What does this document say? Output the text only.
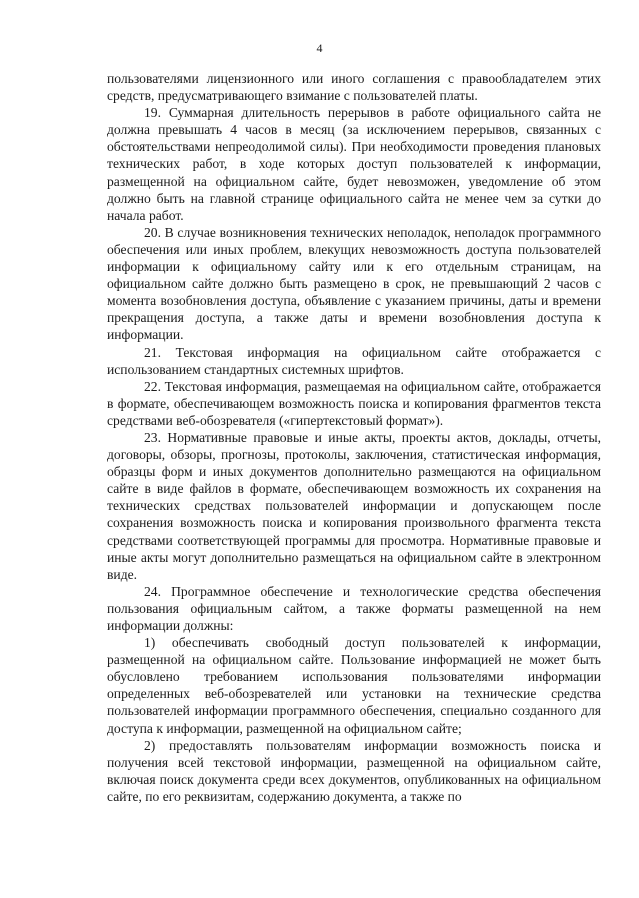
4

пользователями лицензионного или иного соглашения с правообладателем этих средств, предусматривающего взимание с пользователей платы.

19. Суммарная длительность перерывов в работе официального сайта не должна превышать 4 часов в месяц (за исключением перерывов, связанных с обстоятельствами непреодолимой силы). При необходимости проведения плановых технических работ, в ходе которых доступ пользователей к информации, размещенной на официальном сайте, будет невозможен, уведомление об этом должно быть на главной странице официального сайта не менее чем за сутки до начала работ.

20. В случае возникновения технических неполадок, неполадок программного обеспечения или иных проблем, влекущих невозможность доступа пользователей информации к официальному сайту или к его отдельным страницам, на официальном сайте должно быть размещено в срок, не превышающий 2 часов с момента возобновления доступа, объявление с указанием причины, даты и времени прекращения доступа, а также даты и времени возобновления доступа к информации.

21. Текстовая информация на официальном сайте отображается с использованием стандартных системных шрифтов.

22. Текстовая информация, размещаемая на официальном сайте, отображается в формате, обеспечивающем возможность поиска и копирования фрагментов текста средствами веб-обозревателя («гипертекстовый формат»).

23. Нормативные правовые и иные акты, проекты актов, доклады, отчеты, договоры, обзоры, прогнозы, протоколы, заключения, статистическая информация, образцы форм и иных документов дополнительно размещаются на официальном сайте в виде файлов в формате, обеспечивающем возможность их сохранения на технических средствах пользователей информации и допускающем после сохранения возможность поиска и копирования произвольного фрагмента текста средствами соответствующей программы для просмотра. Нормативные правовые и иные акты могут дополнительно размещаться на официальном сайте в электронном виде.

24. Программное обеспечение и технологические средства обеспечения пользования официальным сайтом, а также форматы размещенной на нем информации должны:

1) обеспечивать свободный доступ пользователей к информации, размещенной на официальном сайте. Пользование информацией не может быть обусловлено требованием использования пользователями информации определенных веб-обозревателей или установки на технические средства пользователей информации программного обеспечения, специально созданного для доступа к информации, размещенной на официальном сайте;

2) предоставлять пользователям информации возможность поиска и получения всей текстовой информации, размещенной на официальном сайте, включая поиск документа среди всех документов, опубликованных на официальном сайте, по его реквизитам, содержанию документа, а также по
